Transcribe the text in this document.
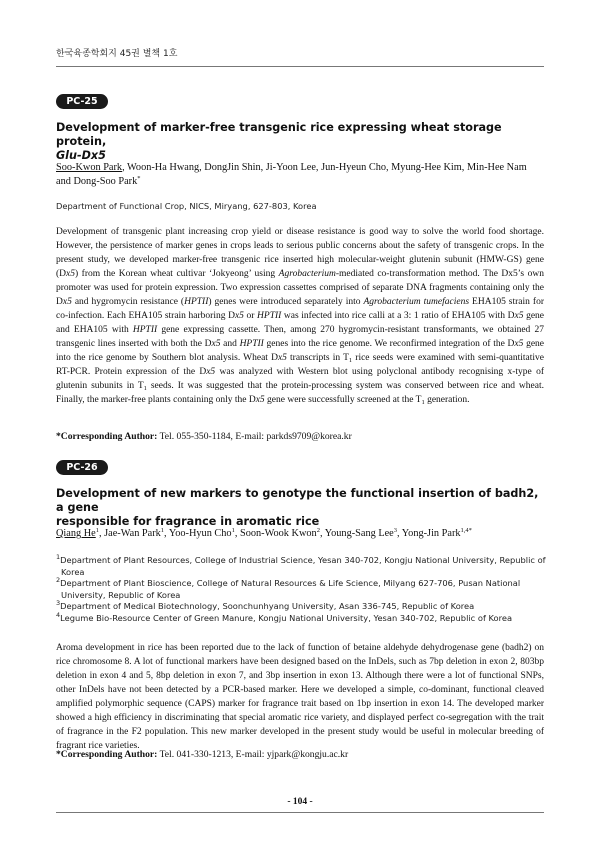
한국육종학회지 45권 별책 1호
PC-25
Development of marker-free transgenic rice expressing wheat storage protein,
Glu-Dx5
Soo-Kwon Park, Woon-Ha Hwang, DongJin Shin, Ji-Yoon Lee, Jun-Hyeun Cho, Myung-Hee Kim, Min-Hee Nam
and Dong-Soo Park*
Department of Functional Crop, NICS, Miryang, 627-803, Korea
Development of transgenic plant increasing crop yield or disease resistance is good way to solve the world food shortage. However, the persistence of marker genes in crops leads to serious public concerns about the safety of transgenic crops. In the present study, we developed marker-free transgenic rice inserted high molecular-weight glutenin subunit (HMW-GS) gene (Dx5) from the Korean wheat cultivar ‘Jokyeong’ using Agrobacterium-mediated co-transformation method. The Dx5’s own promoter was used for protein expression. Two expression cassettes comprised of separate DNA fragments containing only the Dx5 and hygromycin resistance (HPTII) genes were introduced separately into Agrobacterium tumefaciens EHA105 strain for co-infection. Each EHA105 strain harboring Dx5 or HPTII was infected into rice calli at a 3: 1 ratio of EHA105 with Dx5 gene and EHA105 with HPTII gene expressing cassette. Then, among 270 hygromycin-resistant transformants, we obtained 27 transgenic lines inserted with both the Dx5 and HPTII genes into the rice genome. We reconfirmed integration of the Dx5 gene into the rice genome by Southern blot analysis. Wheat Dx5 transcripts in $T_1$ rice seeds were examined with semi-quantitative RT-PCR. Protein expression of the Dx5 was analyzed with Western blot using polyclonal antibody recognising x-type of glutenin subunits in $T_1$ seeds. It was suggested that the protein-processing system was conserved between rice and wheat. Finally, the marker-free plants containing only the Dx5 gene were successfully screened at the $T_1$ generation.
*Corresponding Author: Tel. 055-350-1184, E-mail: parkds9709@korea.kr
PC-26
Development of new markers to genotype the functional insertion of badh2, a gene
responsible for fragrance in aromatic rice
Qiang He$^1$, Jae-Wan Park$^1$, Yoo-Hyun Cho$^1$, Soon-Wook Kwon$^2$, Young-Sang Lee$^3$, Yong-Jin Park$^{1,4*}$
$^1$Department of Plant Resources, College of Industrial Science, Yesan 340-702, Kongju National University, Republic of Korea
$^2$Department of Plant Bioscience, College of Natural Resources & Life Science, Milyang 627-706, Pusan National University, Republic of Korea
$^3$Department of Medical Biotechnology, Soonchunhyang University, Asan 336-745, Republic of Korea
$^4$Legume Bio-Resource Center of Green Manure, Kongju National University, Yesan 340-702, Republic of Korea
Aroma development in rice has been reported due to the lack of function of betaine aldehyde dehydrogenase gene (badh2) on rice chromosome 8. A lot of functional markers have been designed based on the InDels, such as 7bp deletion in exon 2, 803bp deletion in exon 4 and 5, 8bp deletion in exon 7, and 3bp insertion in exon 13. Although there were a lot of functional SNPs, other InDels have not been detected by a PCR-based marker. Here we developed a simple, co-dominant, functional cleaved amplified polymorphic sequence (CAPS) marker for fragrance trait based on 1bp insertion in exon 14. The developed marker showed a high efficiency in discriminating that special aromatic rice variety, and displayed perfect co-segregation with the trait of fragrance in the F2 population. This new marker developed in the present study would be useful in molecular breeding of fragrant rice varieties.
*Corresponding Author: Tel. 041-330-1213, E-mail: yjpark@kongju.ac.kr
- 104 -
